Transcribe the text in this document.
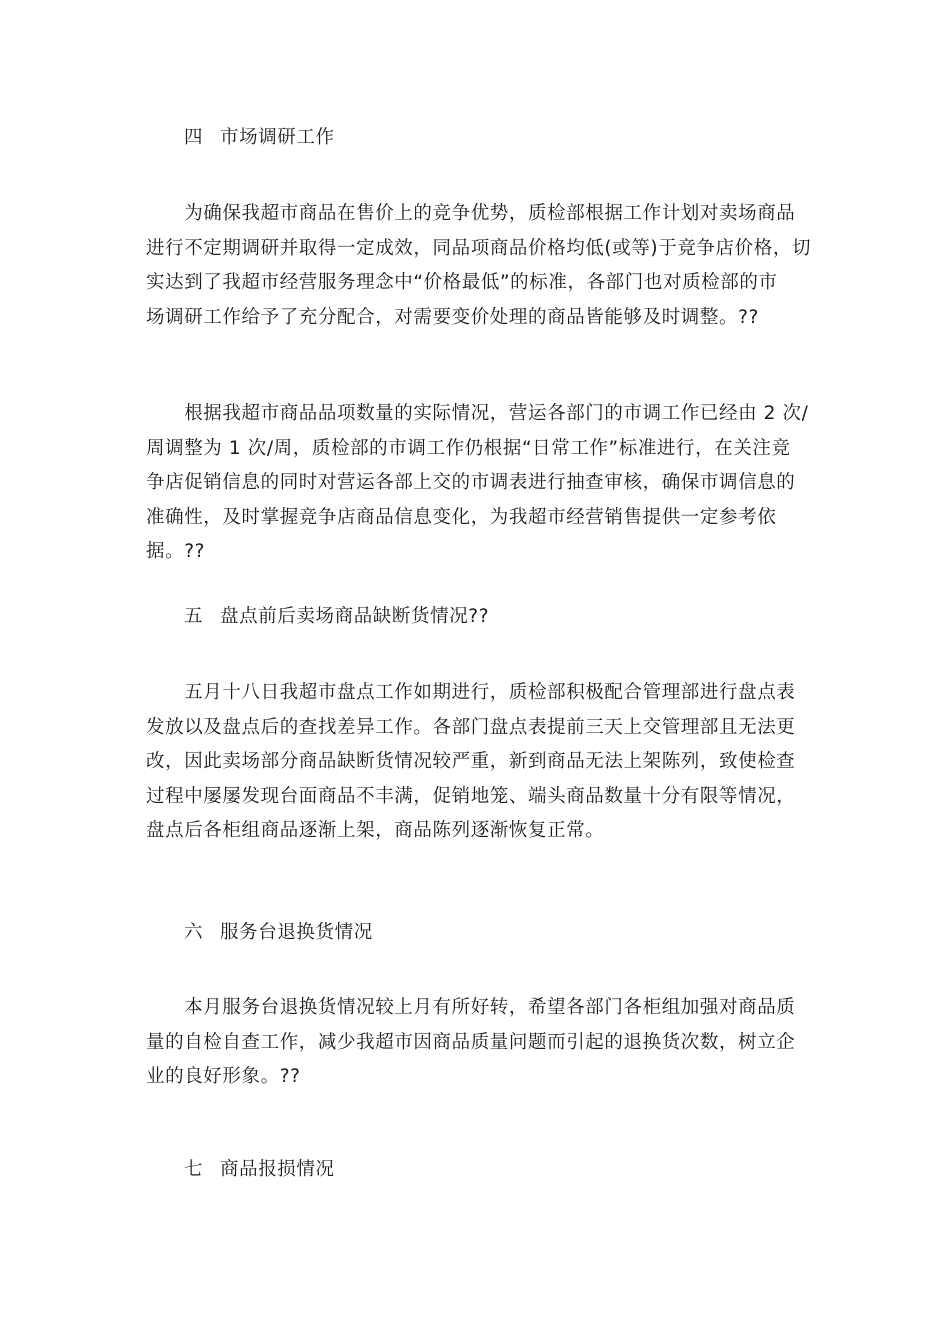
四 市场调研工作
　　为确保我超市商品在售价上的竞争优势，质检部根据工作计划对卖场商品
进行不定期调研并取得一定成效，同品项商品价格均低(或等)于竞争店价格，切
实达到了我超市经营服务理念中“价格最低”的标准，各部门也对质检部的市
场调研工作给予了充分配合，对需要变价处理的商品皆能够及时调整。??
　　根据我超市商品品项数量的实际情况，营运各部门的市调工作已经由 2 次/
周调整为 1 次/周，质检部的市调工作仍根据“日常工作”标准进行，在关注竞
争店促销信息的同时对营运各部上交的市调表进行抽查审核，确保市调信息的
准确性，及时掌握竞争店商品信息变化，为我超市经营销售提供一定参考依
据。??
五 盘点前后卖场商品缺断货情况??
　　五月十八日我超市盘点工作如期进行，质检部积极配合管理部进行盘点表
发放以及盘点后的查找差异工作。各部门盘点表提前三天上交管理部且无法更
改，因此卖场部分商品缺断货情况较严重，新到商品无法上架陈列，致使检查
过程中屡屡发现台面商品不丰满，促销地笼、端头商品数量十分有限等情况，
盘点后各柜组商品逐渐上架，商品陈列逐渐恢复正常。
六 服务台退换货情况
　　本月服务台退换货情况较上月有所好转，希望各部门各柜组加强对商品质
量的自检自查工作，减少我超市因商品质量问题而引起的退换货次数，树立企
业的良好形象。??
七 商品报损情况
